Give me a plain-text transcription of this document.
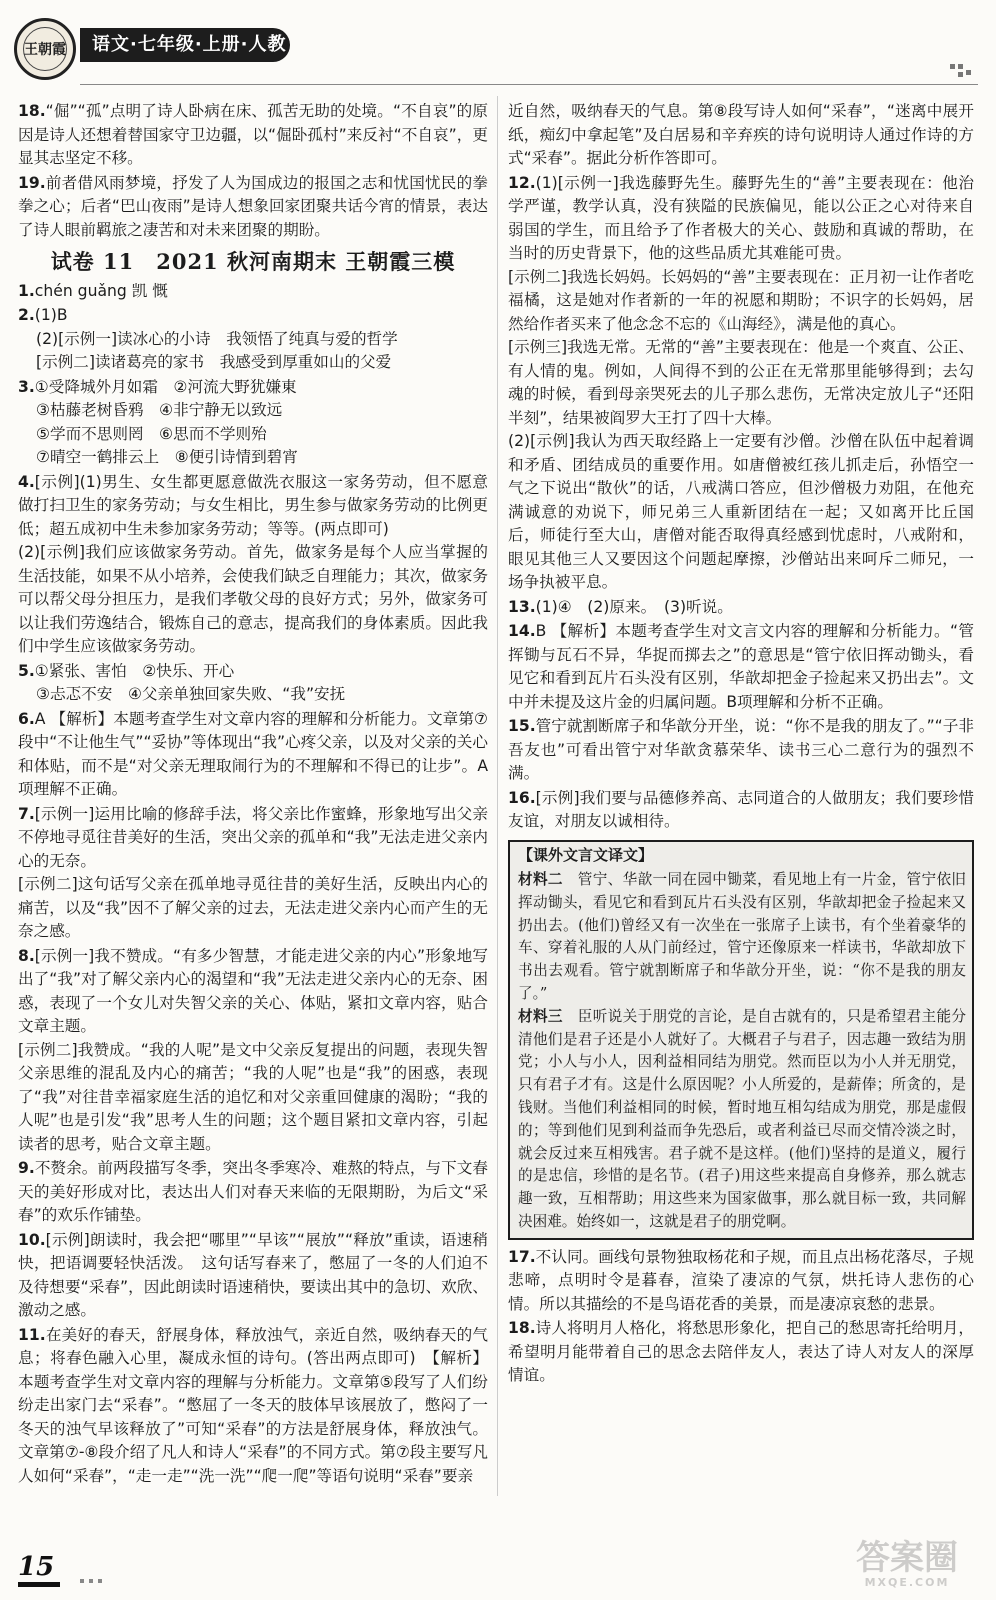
王朝霞 语文·七年级·上册·人教

18.“倔”“孤”点明了诗人卧病在床、孤苦无助的处境。“不自哀”的原因是诗人还想着替国家守卫边疆，以“倔卧孤村”来反衬“不自哀”，更显其志坚定不移。

19.前者借风雨梦境，抒发了人为国成边的报国之志和忧国忧民的拳拳之心；后者“巴山夜雨”是诗人想象回家团聚共话今宵的情景，表达了诗人眼前羁旅之凄苦和对未来团聚的期盼。

试卷 11　2021 秋河南期末 王朝霞三模

1.chén guǎng 凯 慨

2.(1)B

(2)[示例一]读冰心的小诗　我领悟了纯真与爱的哲学

[示例二]读诸葛亮的家书　我感受到厚重如山的父爱

3.①受降城外月如霜　②河流大野犹嫌東

③枯藤老树昏鸦　④非宁静无以致远

⑤学而不思则罔　⑥思而不学则殆

⑦晴空一鹤排云上　⑧便引诗情到碧宵

4.[示例](1)男生、女生都更愿意做洗衣服这一家务劳动，但不愿意做打扫卫生的家务劳动；与女生相比，男生参与做家务劳动的比例更低；超五成初中生未参加家务劳动；等等。(两点即可)

(2)[示例]我们应该做家务劳动。首先，做家务是每个人应当掌握的生活技能，如果不从小培养，会使我们缺乏自理能力；其次，做家务可以帮父母分担压力，是我们孝敬父母的良好方式；另外，做家务可以让我们劳逸结合，锻炼自己的意志，提高我们的身体素质。因此我们中学生应该做家务劳动。

5.①紧张、害怕　②快乐、开心

③忐忑不安　④父亲单独回家失败、“我”安抚

6.A 【解析】本题考查学生对文章内容的理解和分析能力。文章第⑦段中“不让他生气”“妥协”等体现出“我”心疼父亲，以及对父亲的关心和体贴，而不是“对父亲无理取闹行为的不理解和不得已的让步”。A项理解不正确。

7.[示例一]运用比喻的修辞手法，将父亲比作蜜蜂，形象地写出父亲不停地寻觅往昔美好的生活，突出父亲的孤单和“我”无法走进父亲内心的无奈。

[示例二]这句话写父亲在孤单地寻觅往昔的美好生活，反映出内心的痛苦，以及“我”因不了解父亲的过去，无法走进父亲内心而产生的无奈之感。

8.[示例一]我不赞成。“有多少智慧，才能走进父亲的内心”形象地写出了“我”对了解父亲内心的渴望和“我”无法走进父亲内心的无奈、困惑，表现了一个女儿对失智父亲的关心、体贴，紧扣文章内容，贴合文章主题。

[示例二]我赞成。“我的人呢”是文中父亲反复提出的问题，表现失智父亲思维的混乱及内心的痛苦；“我的人呢”也是“我”的困惑，表现了“我”对往昔幸福家庭生活的追忆和对父亲重回健康的渴盼；“我的人呢”也是引发“我”思考人生的问题；这个题目紧扣文章内容，引起读者的思考，贴合文章主题。

9.不赘余。前两段描写冬季，突出冬季寒冷、难熬的特点，与下文春天的美好形成对比，表达出人们对春天来临的无限期盼，为后文“采春”的欢乐作铺垫。

10.[示例]朗读时，我会把“哪里”“早该”“展放”“释放”重读，语速稍快，把语调要轻快活泼。　这句话写春来了，憋屈了一冬的人们迫不及待想要“采春”，因此朗读时语速稍快，要读出其中的急切、欢欣、激动之感。

11.在美好的春天，舒展身体，释放浊气，亲近自然，吸纳春天的气息；将春色融入心里，凝成永恒的诗句。(答出两点即可)　【解析】本题考查学生对文章内容的理解与分析能力。文章第⑤段写了人们纷纷走出家门去“采春”。“憋屈了一冬天的肢体早该展放了，憋闷了一冬天的浊气早该释放了”可知“采春”的方法是舒展身体，释放浊气。文章第⑦-⑧段介绍了凡人和诗人“采春”的不同方式。第⑦段主要写凡人如何“采春”，“走一走”“洗一洗”“爬一爬”等语句说明“采春”要亲

近自然，吸纳春天的气息。第⑧段写诗人如何“采春”，“迷离中展开纸，痴幻中拿起笔”及白居易和辛弃疾的诗句说明诗人通过作诗的方式“采春”。据此分析作答即可。

12.(1)[示例一]我选藤野先生。藤野先生的“善”主要表现在：他治学严谨，教学认真，没有狭隘的民族偏见，能以公正之心对待来自弱国的学生，而且给予了作者极大的关心、鼓励和真诚的帮助，在当时的历史背景下，他的这些品质尤其难能可贵。

[示例二]我选长妈妈。长妈妈的“善”主要表现在：正月初一让作者吃福橘，这是她对作者新的一年的祝愿和期盼；不识字的长妈妈，居然给作者买来了他念念不忘的《山海经》，满是他的真心。

[示例三]我选无常。无常的“善”主要表现在：他是一个爽直、公正、有人情的鬼。例如，人间得不到的公正在无常那里能够得到；去勾魂的时候，看到母亲哭死去的儿子那么悲伤，无常决定放儿子“还阳半刻”，结果被阎罗大王打了四十大棒。

(2)[示例]我认为西天取经路上一定要有沙僧。沙僧在队伍中起着调和矛盾、团结成员的重要作用。如唐僧被红孩儿抓走后，孙悟空一气之下说出“散伙”的话，八戒满口答应，但沙僧极力劝阻，在他充满诚意的劝说下，师兄弟三人重新团结在一起；又如离开比丘国后，师徒行至大山，唐僧对能否取得真经感到忧虑时，八戒附和，眼见其他三人又要因这个问题起摩擦，沙僧站出来呵斥二师兄，一场争执被平息。

13.(1)④　(2)原来。　(3)听说。

14.B 【解析】本题考查学生对文言文内容的理解和分析能力。“管挥锄与瓦石不异，华捉而掷去之”的意思是“管宁依旧挥动锄头，看见它和看到瓦片石头没有区别，华歆却把金子捡起来又扔出去”。文中并未提及这片金的归属问题。B项理解和分析不正确。

15.管宁就割断席子和华歆分开坐，说：“你不是我的朋友了。”“子非吾友也”可看出管宁对华歆贪慕荣华、读书三心二意行为的强烈不满。

16.[示例]我们要与品德修养高、志同道合的人做朋友；我们要珍惜友谊，对朋友以诚相待。

【课外文言文译文】

材料二　 管宁、华歆一同在园中锄菜，看见地上有一片金，管宁依旧挥动锄头，看见它和看到瓦片石头没有区别，华歆却把金子捡起来又扔出去。(他们)曾经又有一次坐在一张席子上读书，有个坐着豪华的车、穿着礼服的人从门前经过，管宁还像原来一样读书，华歆却放下书出去观看。管宁就割断席子和华歆分开坐，说：“你不是我的朋友了。”

材料三　 臣听说关于朋党的言论，是自古就有的，只是希望君主能分清他们是君子还是小人就好了。大概君子与君子，因志趣一致结为朋党；小人与小人，因利益相同结为朋党。然而臣以为小人并无朋党，只有君子才有。这是什么原因呢？小人所爱的，是薪俸；所贪的，是钱财。当他们利益相同的时候，暂时地互相勾结成为朋党，那是虚假的；等到他们见到利益而争先恐后，或者利益已尽而交情冷淡之时，就会反过来互相残害。君子就不是这样。(他们)坚持的是道义，履行的是忠信，珍惜的是名节。(君子)用这些来提高自身修养，那么就志趣一致，互相帮助；用这些来为国家做事，那么就目标一致，共同解决困难。始终如一，这就是君子的朋党啊。

17.不认同。画线句景物独取杨花和子规，而且点出杨花落尽，子规悲啼，点明时令是暮春，渲染了凄凉的气氛，烘托诗人悲伤的心情。所以其描绘的不是鸟语花香的美景，而是凄凉哀愁的悲景。

18.诗人将明月人格化，将愁思形象化，把自己的愁思寄托给明月，希望明月能带着自己的思念去陪伴友人，表达了诗人对友人的深厚情谊。

15	答案圈
MXQE.COM
